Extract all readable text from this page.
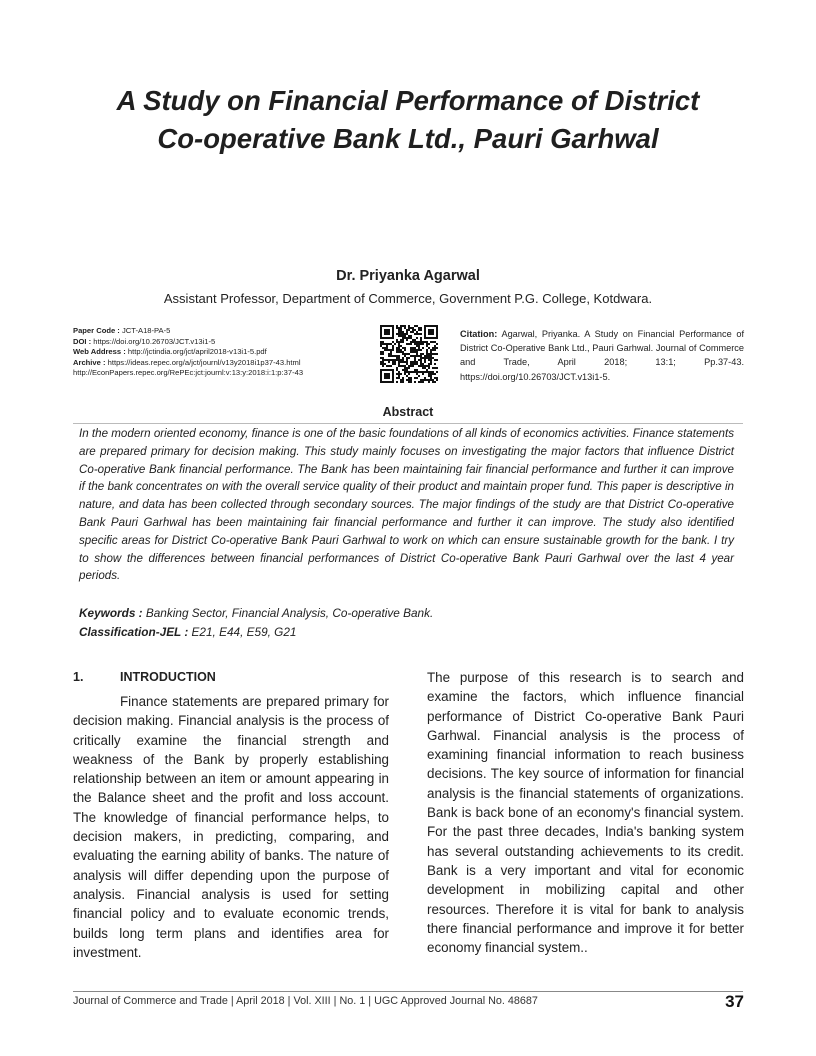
A Study on Financial Performance of District
Co-operative Bank Ltd., Pauri Garhwal
Dr. Priyanka Agarwal
Assistant Professor, Department of Commerce, Government P.G. College, Kotdwara.
Paper Code : JCT-A18-PA-5
DOI : https://doi.org/10.26703/JCT.v13i1-5
Web Address : http://jctindia.org/jct/april2018-v13i1-5.pdf
Archive : https://ideas.repec.org/a/jct/journl/v13y2018i1p37-43.html
http://EconPapers.repec.org/RePEc:jct:journl:v:13:y:2018:i:1:p:37-43
Citation: Agarwal, Priyanka. A Study on Financial Performance of District Co-Operative Bank Ltd., Pauri Garhwal. Journal of Commerce and Trade, April 2018; 13:1; Pp.37-43. https://doi.org/10.26703/JCT.v13i1-5.
Abstract
In the modern oriented economy, finance is one of the basic foundations of all kinds of economics activities. Finance statements are prepared primary for decision making. This study mainly focuses on investigating the major factors that influence District Co-operative Bank financial performance. The Bank has been maintaining fair financial performance and further it can improve if the bank concentrates on with the overall service quality of their product and maintain proper fund. This paper is descriptive in nature, and data has been collected through secondary sources. The major findings of the study are that District Co-operative Bank Pauri Garhwal has been maintaining fair financial performance and further it can improve. The study also identified specific areas for District Co-operative Bank Pauri Garhwal to work on which can ensure sustainable growth for the bank. I try to show the differences between financial performances of District Co-operative Bank Pauri Garhwal over the last 4 year periods.
Keywords : Banking Sector, Financial Analysis, Co-operative Bank.
Classification-JEL : E21, E44, E59, G21
1.	INTRODUCTION
Finance statements are prepared primary for decision making. Financial analysis is the process of critically examine the financial strength and weakness of the Bank by properly establishing relationship between an item or amount appearing in the Balance sheet and the profit and loss account. The knowledge of financial performance helps, to decision makers, in predicting, comparing, and evaluating the earning ability of banks. The nature of analysis will differ depending upon the purpose of analysis. Financial analysis is used for setting financial policy and to evaluate economic trends, builds long term plans and identifies area for investment.
The purpose of this research is to search and examine the factors, which influence financial performance of District Co-operative Bank Pauri Garhwal. Financial analysis is the process of examining financial information to reach business decisions. The key source of information for financial analysis is the financial statements of organizations. Bank is back bone of an economy's financial system. For the past three decades, India's banking system has several outstanding achievements to its credit. Bank is a very important and vital for economic development in mobilizing capital and other resources. Therefore it is vital for bank to analysis there financial performance and improve it for better economy financial system..
Journal of Commerce and Trade | April 2018 | Vol. XIII | No. 1 | UGC Approved Journal No. 48687	37
